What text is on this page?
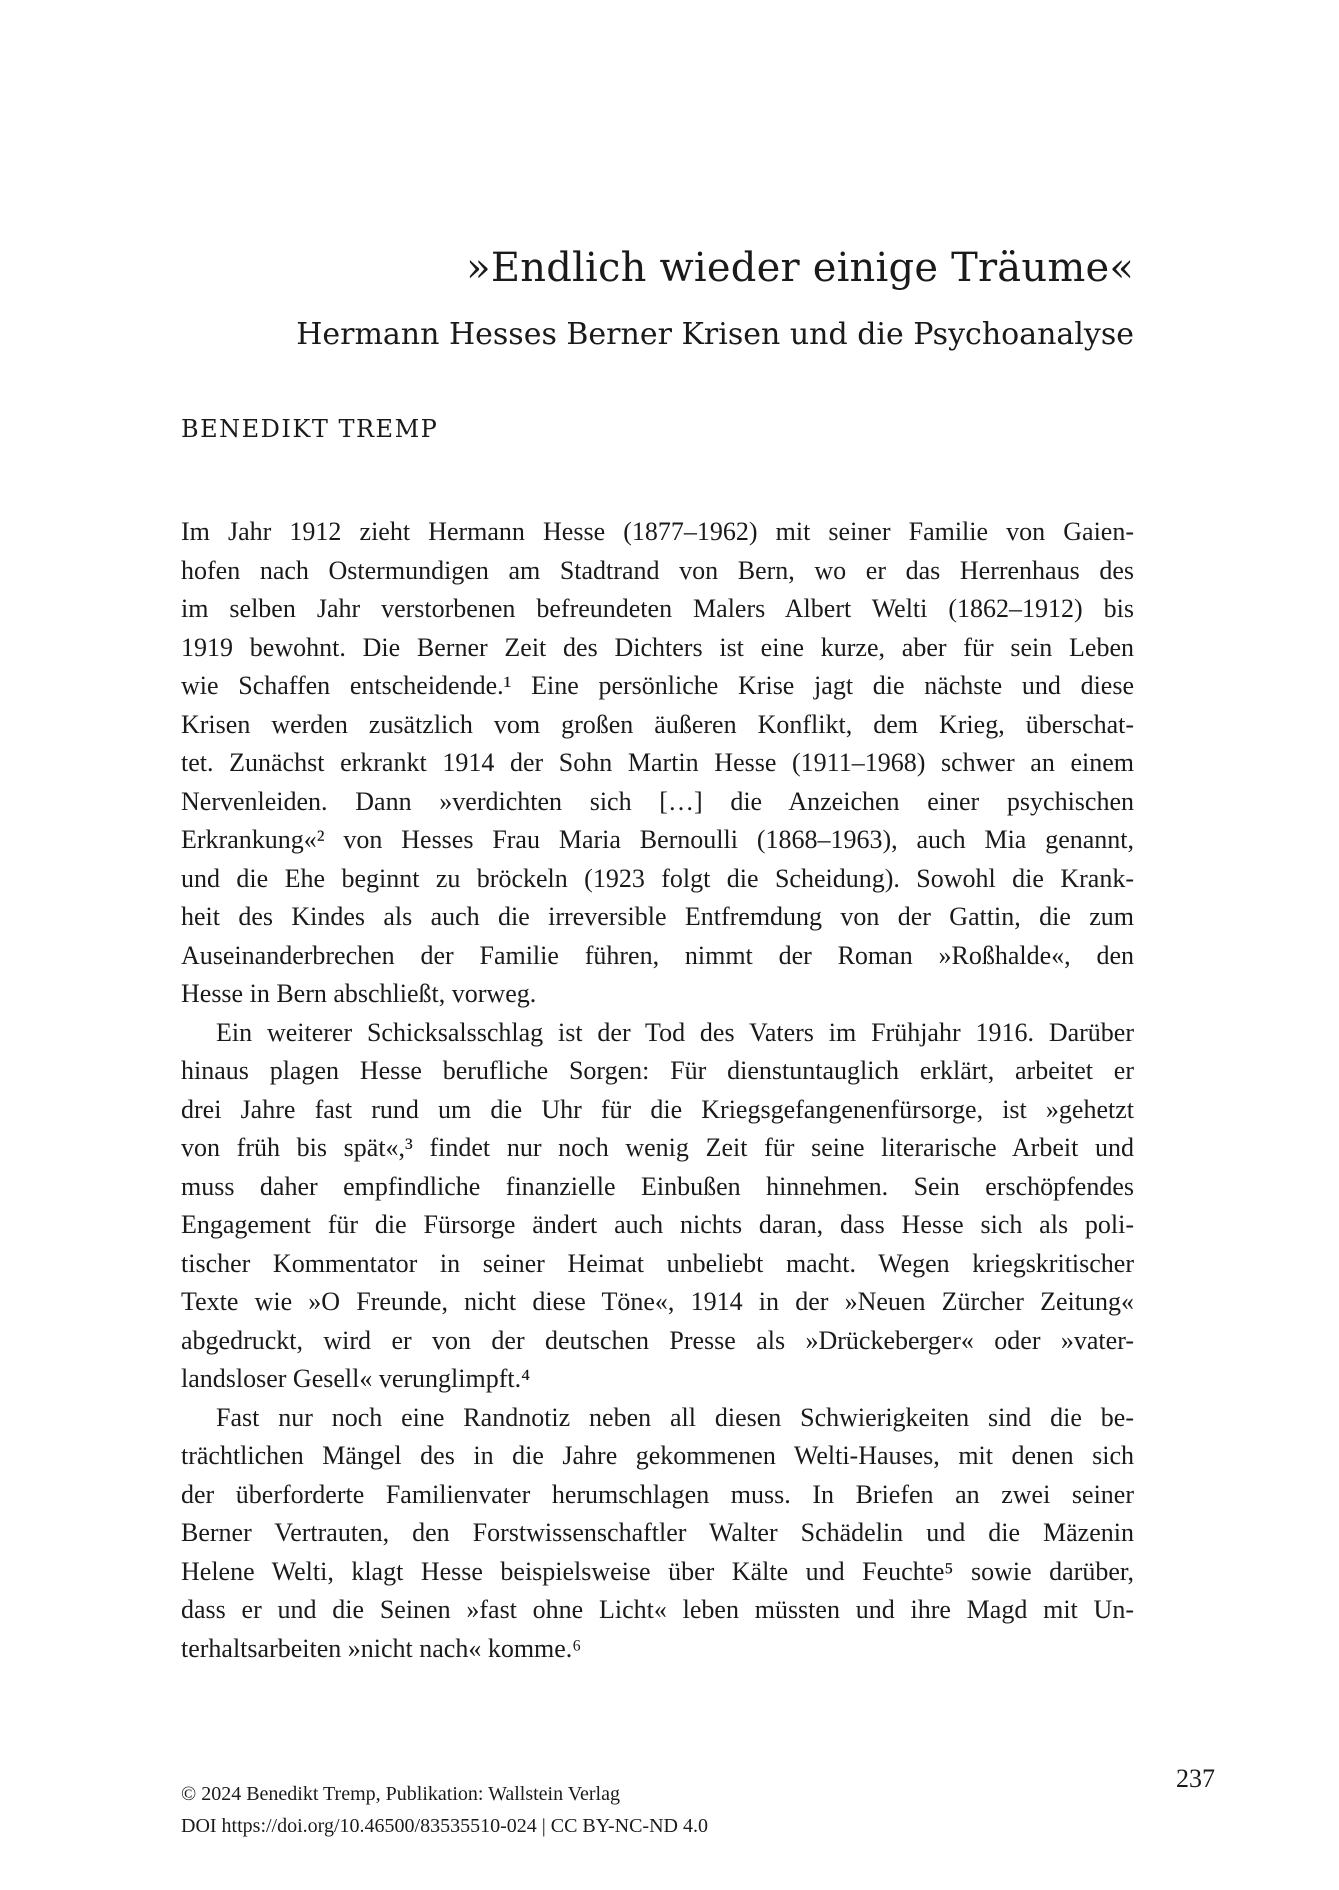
»Endlich wieder einige Träume«
Hermann Hesses Berner Krisen und die Psychoanalyse
BENEDIKT TREMP

Im Jahr 1912 zieht Hermann Hesse (1877–1962) mit seiner Familie von Gaien-
hofen nach Ostermundigen am Stadtrand von Bern, wo er das Herrenhaus des
im selben Jahr verstorbenen befreundeten Malers Albert Welti (1862–1912) bis
1919 bewohnt. Die Berner Zeit des Dichters ist eine kurze, aber für sein Leben
wie Schaffen entscheidende.¹ Eine persönliche Krise jagt die nächste und diese
Krisen werden zusätzlich vom großen äußeren Konflikt, dem Krieg, überschat-
tet. Zunächst erkrankt 1914 der Sohn Martin Hesse (1911–1968) schwer an einem
Nervenleiden. Dann »verdichten sich […] die Anzeichen einer psychischen
Erkrankung«² von Hesses Frau Maria Bernoulli (1868–1963), auch Mia genannt,
und die Ehe beginnt zu bröckeln (1923 folgt die Scheidung). Sowohl die Krank-
heit des Kindes als auch die irreversible Entfremdung von der Gattin, die zum
Auseinanderbrechen der Familie führen, nimmt der Roman »Roßhalde«, den
Hesse in Bern abschließt, vorweg.

Ein weiterer Schicksalsschlag ist der Tod des Vaters im Frühjahr 1916. Darüber
hinaus plagen Hesse berufliche Sorgen: Für dienstuntauglich erklärt, arbeitet er
drei Jahre fast rund um die Uhr für die Kriegsgefangenenfürsorge, ist »gehetzt
von früh bis spät«,³ findet nur noch wenig Zeit für seine literarische Arbeit und
muss daher empfindliche finanzielle Einbußen hinnehmen. Sein erschöpfendes
Engagement für die Fürsorge ändert auch nichts daran, dass Hesse sich als poli-
tischer Kommentator in seiner Heimat unbeliebt macht. Wegen kriegskritischer
Texte wie »O Freunde, nicht diese Töne«, 1914 in der »Neuen Zürcher Zeitung«
abgedruckt, wird er von der deutschen Presse als »Drückeberger« oder »vater-
landsloser Gesell« verunglimpft.⁴

Fast nur noch eine Randnotiz neben all diesen Schwierigkeiten sind die be-
trächtlichen Mängel des in die Jahre gekommenen Welti-Hauses, mit denen sich
der überforderte Familienvater herumschlagen muss. In Briefen an zwei seiner
Berner Vertrauten, den Forstwissenschaftler Walter Schädelin und die Mäzenin
Helene Welti, klagt Hesse beispielsweise über Kälte und Feuchte⁵ sowie darüber,
dass er und die Seinen »fast ohne Licht« leben müssten und ihre Magd mit Un-
terhaltsarbeiten »nicht nach« komme.⁶

237
© 2024 Benedikt Tremp, Publikation: Wallstein Verlag
DOI https://doi.org/10.46500/83535510-024 | CC BY-NC-ND 4.0
